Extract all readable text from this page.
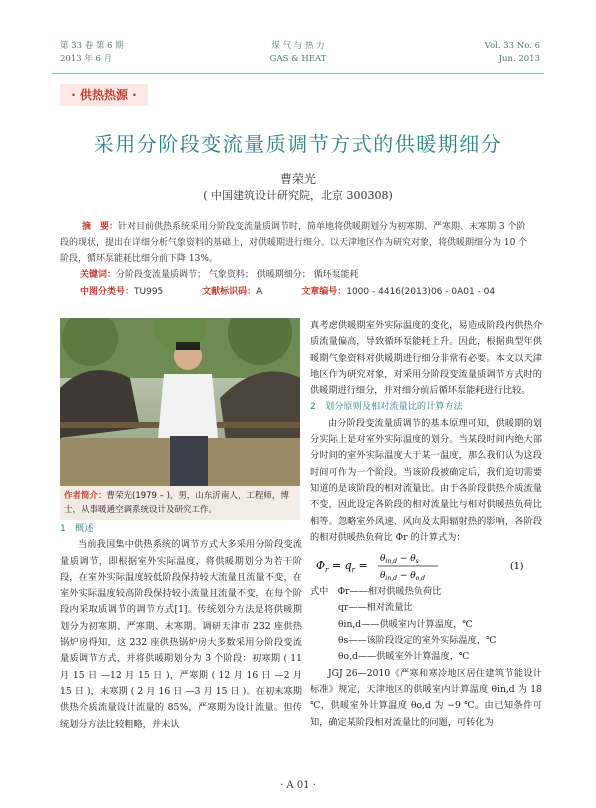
第 33 卷 第 6 期
2013 年 6 月
煤 气 与 热 力
GAS & HEAT
Vol. 33 No. 6
Jun. 2013
· 供热热源 ·
采用分阶段变流量质调节方式的供暖期细分
曹荣光
( 中国建筑设计研究院，北京 300308)
摘　要：针对目前供热系统采用分阶段变流量质调节时，简单地将供暖期划分为初寒期、严寒期、末寒期 3 个阶段的现状，提出在详细分析气象资料的基础上，对供暖期进行细分。以天津地区作为研究对象，将供暖期细分为 10 个阶段，循环泵能耗比细分前下降 13%。
关键词：分阶段变流量质调节； 气象资料； 供暖期细分； 循环泵能耗
中图分类号：TU995	文献标识码：A	文章编号：1000 - 4416(2013)06 - 0A01 - 04
作者简介：曹荣光(1979 – )，男，山东沂南人，工程师，博士，从事暖通空调系统设计及研究工作。
1　概述

当前我国集中供热系统的调节方式大多采用分阶段变流量质调节，即根据室外实际温度，将供暖期划分为若干阶段，在室外实际温度较低阶段保持较大流量且流量不变，在室外实际温度较高阶段保持较小流量且流量不变，在每个阶段内采取质调节的调节方式[1]。传统划分方法是将供暖期划分为初寒期、严寒期、末寒期。调研天津市 232 座供热锅炉房得知，这 232 座供热锅炉房大多数采用分阶段变流量质调节方式，并将供暖期划分为 3 个阶段：初寒期 ( 11 月 15 日 —12 月 15 日 )，严寒期 ( 12 月 16 日 —2 月 15 日 )，末寒期 ( 2 月 16 日 —3 月 15 日 )。在初末寒期供热介质流量设计流量的 85%，严寒期为设计流量。但传统划分方法比较粗略，并未认

真考虑供暖期室外实际温度的变化，易造成阶段内供热介质流量偏高，导致循环泵能耗上升。因此，根据典型年供暖期气象资料对供暖期进行细分非常有必要。本文以天津地区作为研究对象，对采用分阶段变流量质调节方式时的供暖期进行细分，并对细分前后循环泵能耗进行比较。

2　划分原则及相对流量比的计算方法

由分阶段变流量质调节的基本原理可知，供暖期的划分实际上是对室外实际温度的划分。当某段时间内绝大部分时间的室外实际温度大于某一温度，那么我们认为这段时间可作为一个阶段。当该阶段被确定后，我们迫切需要知道的是该阶段的相对流量比。由于各阶段供热介质流量不变，因此设定各阶段的相对流量比与相对供暖热负荷比相等。忽略室外风速、风向及太阳辐射热的影响，各阶段的相对供暖热负荷比 Φr 的计算式为：

$\Phi_r = q_r = \theta_{in,d} - \theta_s$
$\theta_{in,d} - \theta_{o,d}$
(1)
式中　 Φr——相对供暖热负荷比
qr——相对流量比
θin,d——供暖室内计算温度，℃
θs——该阶段设定的室外实际温度，℃
θo,d——供暖室外计算温度，℃

JGJ 26—2010《严寒和寒冷地区居住建筑节能设计标准》规定，天津地区的供暖室内计算温度 θin,d 为 18 ℃，供暖室外计算温度 θo,d 为 −9 ℃。由已知条件可知，确定某阶段相对流量比的问题，可转化为

· A 01 ·
